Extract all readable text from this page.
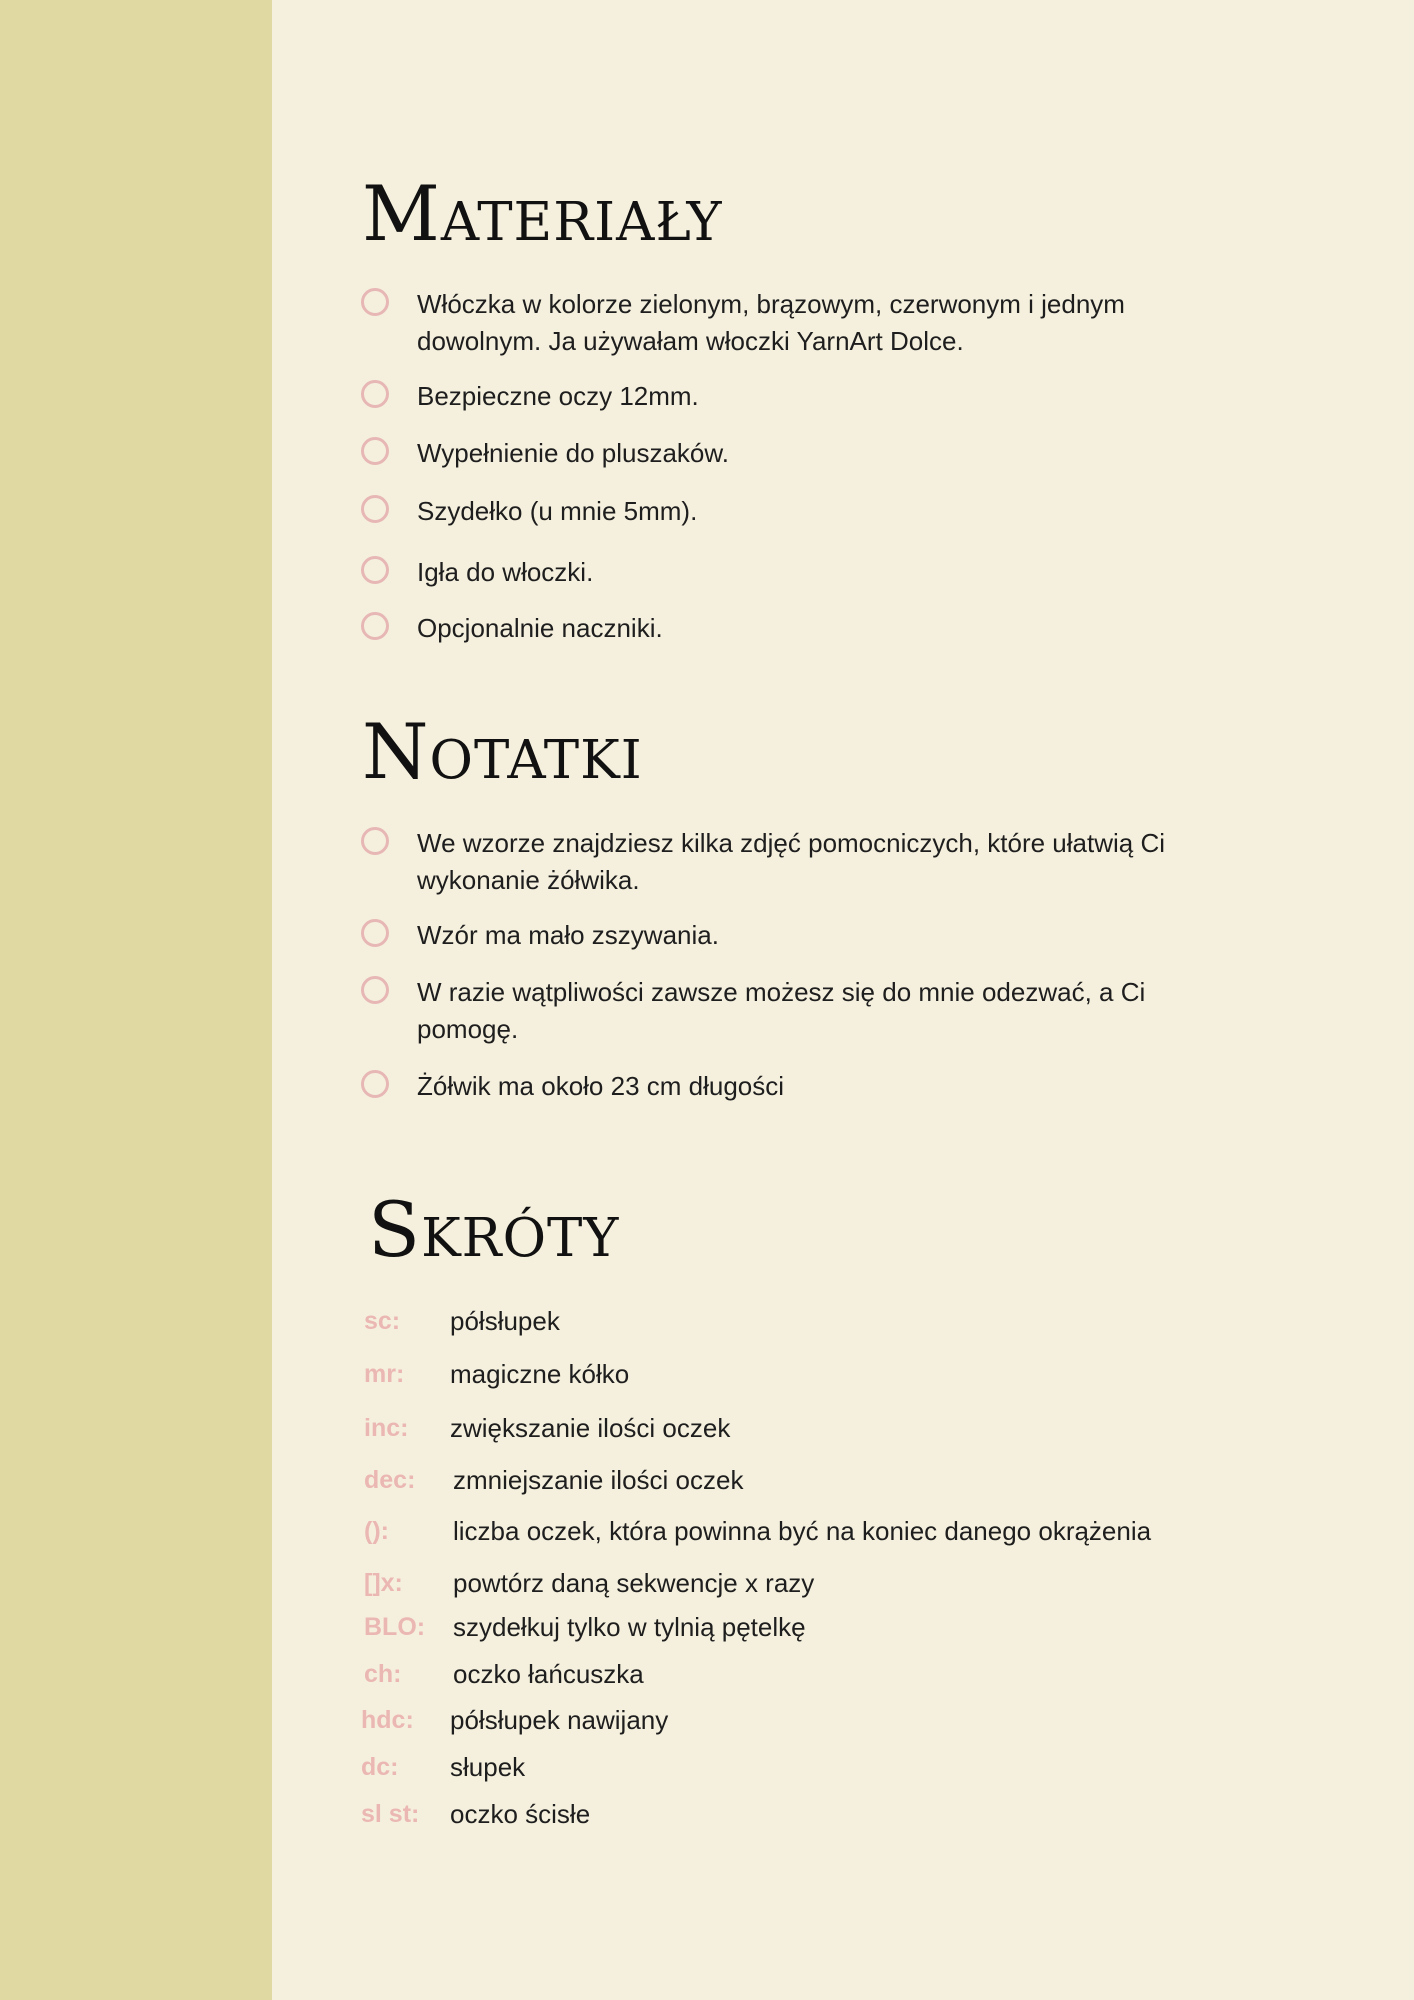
Materiały
Włóczka w kolorze zielonym, brązowym, czerwonym i jednym dowolnym. Ja używałam włoczki YarnArt Dolce.
Bezpieczne oczy 12mm.
Wypełnienie do pluszaków.
Szydełko (u mnie 5mm).
Igła do włoczki.
Opcjonalnie naczniki.
Notatki
We wzorze znajdziesz kilka zdjęć pomocniczych, które ułatwią Ci wykonanie żółwika.
Wzór ma mało zszywania.
W razie wątpliwości zawsze możesz się do mnie odezwać, a Ci pomogę.
Żółwik ma około 23 cm długości
Skróty
sc: półsłupek
mr: magiczne kółko
inc: zwiększanie ilości oczek
dec: zmniejszanie ilości oczek
(): liczba oczek, która powinna być na koniec danego okrążenia
[]x: powtórz daną sekwencje x razy
BLO: szydełkuj tylko w tylnią pętelkę
ch: oczko łańcuszka
hdc: półsłupek nawijany
dc: słupek
sl st: oczko ścisłe
